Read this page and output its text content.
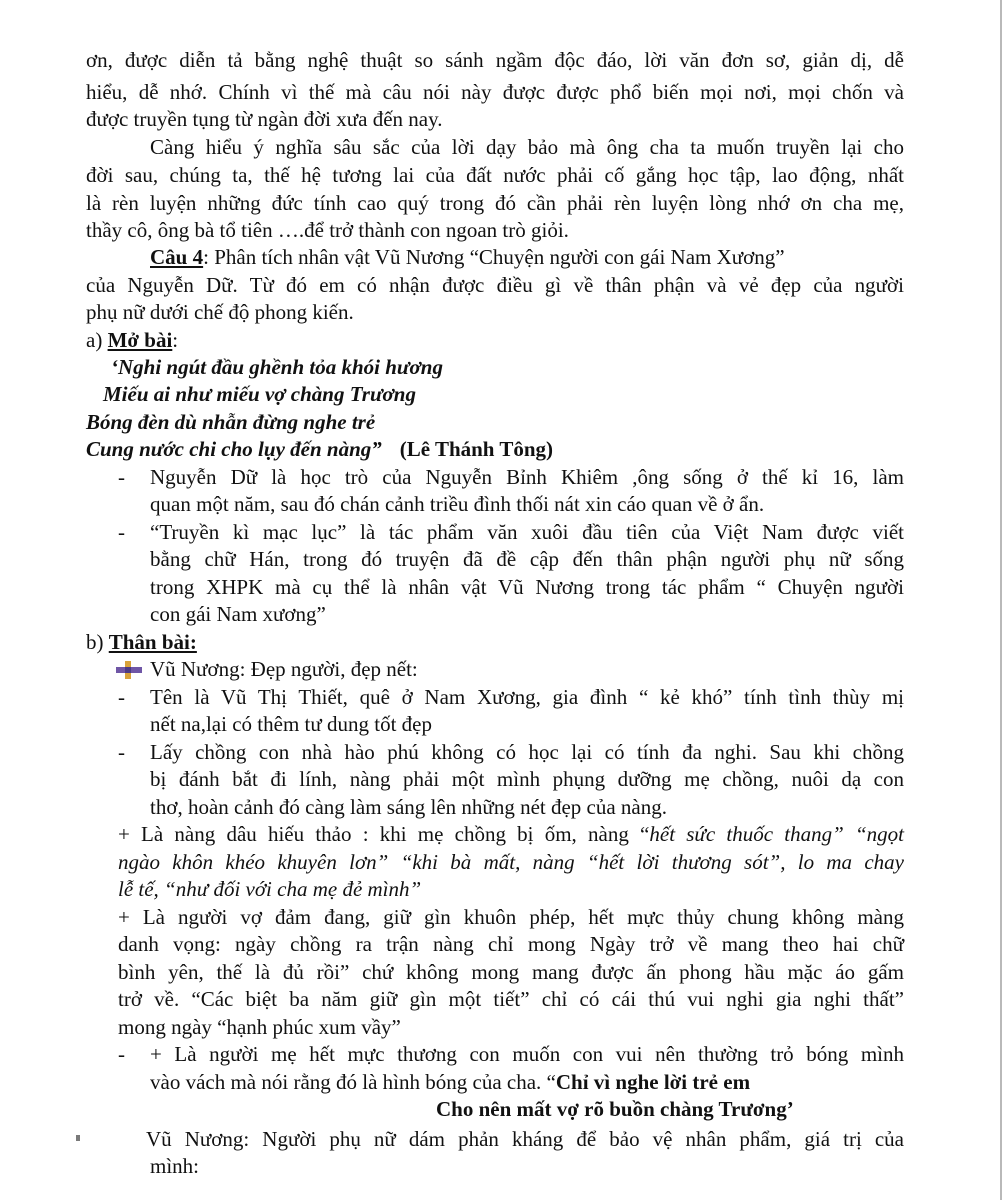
ơn, được diễn tả bằng nghệ thuật so sánh ngầm độc đáo, lời văn đơn sơ, giản dị, dễ
hiểu, dễ nhớ. Chính vì thế mà câu nói này được được phổ biến mọi nơi, mọi chốn và
được truyền tụng từ ngàn đời xưa đến nay.
Càng hiểu ý nghĩa sâu sắc của lời dạy bảo mà ông cha ta muốn truyền lại cho
đời sau, chúng ta, thế hệ tương lai của đất nước phải cố gắng học tập, lao động, nhất
là rèn luyện những đức tính cao quý trong đó cần phải rèn luyện lòng nhớ ơn cha mẹ,
thầy cô, ông bà tổ tiên ….để trở thành con ngoan trò giỏi.
Câu 4: Phân tích nhân vật Vũ Nương “Chuyện người con gái Nam Xương”
của Nguyễn Dữ. Từ đó em có nhận được điều gì về thân phận và vẻ đẹp của người
phụ nữ dưới chế độ phong kiến.
a) Mở bài:
‘Nghi ngút đầu ghềnh tỏa khói hương
Miếu ai như miếu vợ chàng Trương
Bóng đèn dù nhẫn đừng nghe trẻ
Cung nước chi cho lụy đến nàng” (Lê Thánh Tông)
- Nguyễn Dữ là học trò của Nguyễn Bỉnh Khiêm ,ông sống ở thế kỉ 16, làm
quan một năm, sau đó chán cảnh triều đình thối nát xin cáo quan về ở ẩn.
- “Truyền kì mạc lục” là tác phẩm văn xuôi đầu tiên của Việt Nam được viết
bằng chữ Hán, trong đó truyện đã đề cập đến thân phận người phụ nữ sống
trong XHPK mà cụ thể là nhân vật Vũ Nương trong tác phẩm “ Chuyện người
con gái Nam xương”
b) Thân bài:
Vũ Nương: Đẹp người, đẹp nết:
- Tên là Vũ Thị Thiết, quê ở Nam Xương, gia đình “ kẻ khó” tính tình thùy mị
nết na,lại có thêm tư dung tốt đẹp
- Lấy chồng con nhà hào phú không có học lại có tính đa nghi. Sau khi chồng
bị đánh bắt đi lính, nàng phải một mình phụng dưỡng mẹ chồng, nuôi dạ con
thơ, hoàn cảnh đó càng làm sáng lên những nét đẹp của nàng.
+ Là nàng dâu hiếu thảo : khi mẹ chồng bị ốm, nàng “hết sức thuốc thang” “ngọt
ngào khôn khéo khuyên lơn” “khi bà mất, nàng “hết lời thương sót”, lo ma chay
lễ tế, “như đối với cha mẹ đẻ mình”
+ Là người vợ đảm đang, giữ gìn khuôn phép, hết mực thủy chung không màng
danh vọng: ngày chồng ra trận nàng chỉ mong Ngày trở về mang theo hai chữ
bình yên, thế là đủ rồi” chứ không mong mang được ấn phong hầu mặc áo gấm
trở về. “Các biệt ba năm giữ gìn một tiết” chỉ có cái thú vui nghi gia nghi thất”
mong ngày “hạnh phúc xum vầy”
- + Là người mẹ hết mực thương con muốn con vui nên thường trỏ bóng mình
vào vách mà nói rằng đó là hình bóng của cha. “Chỉ vì nghe lời trẻ em
Cho nên mất vợ rõ buồn chàng Trương’
Vũ Nương: Người phụ nữ dám phản kháng để bảo vệ nhân phẩm, giá trị của
mình:
